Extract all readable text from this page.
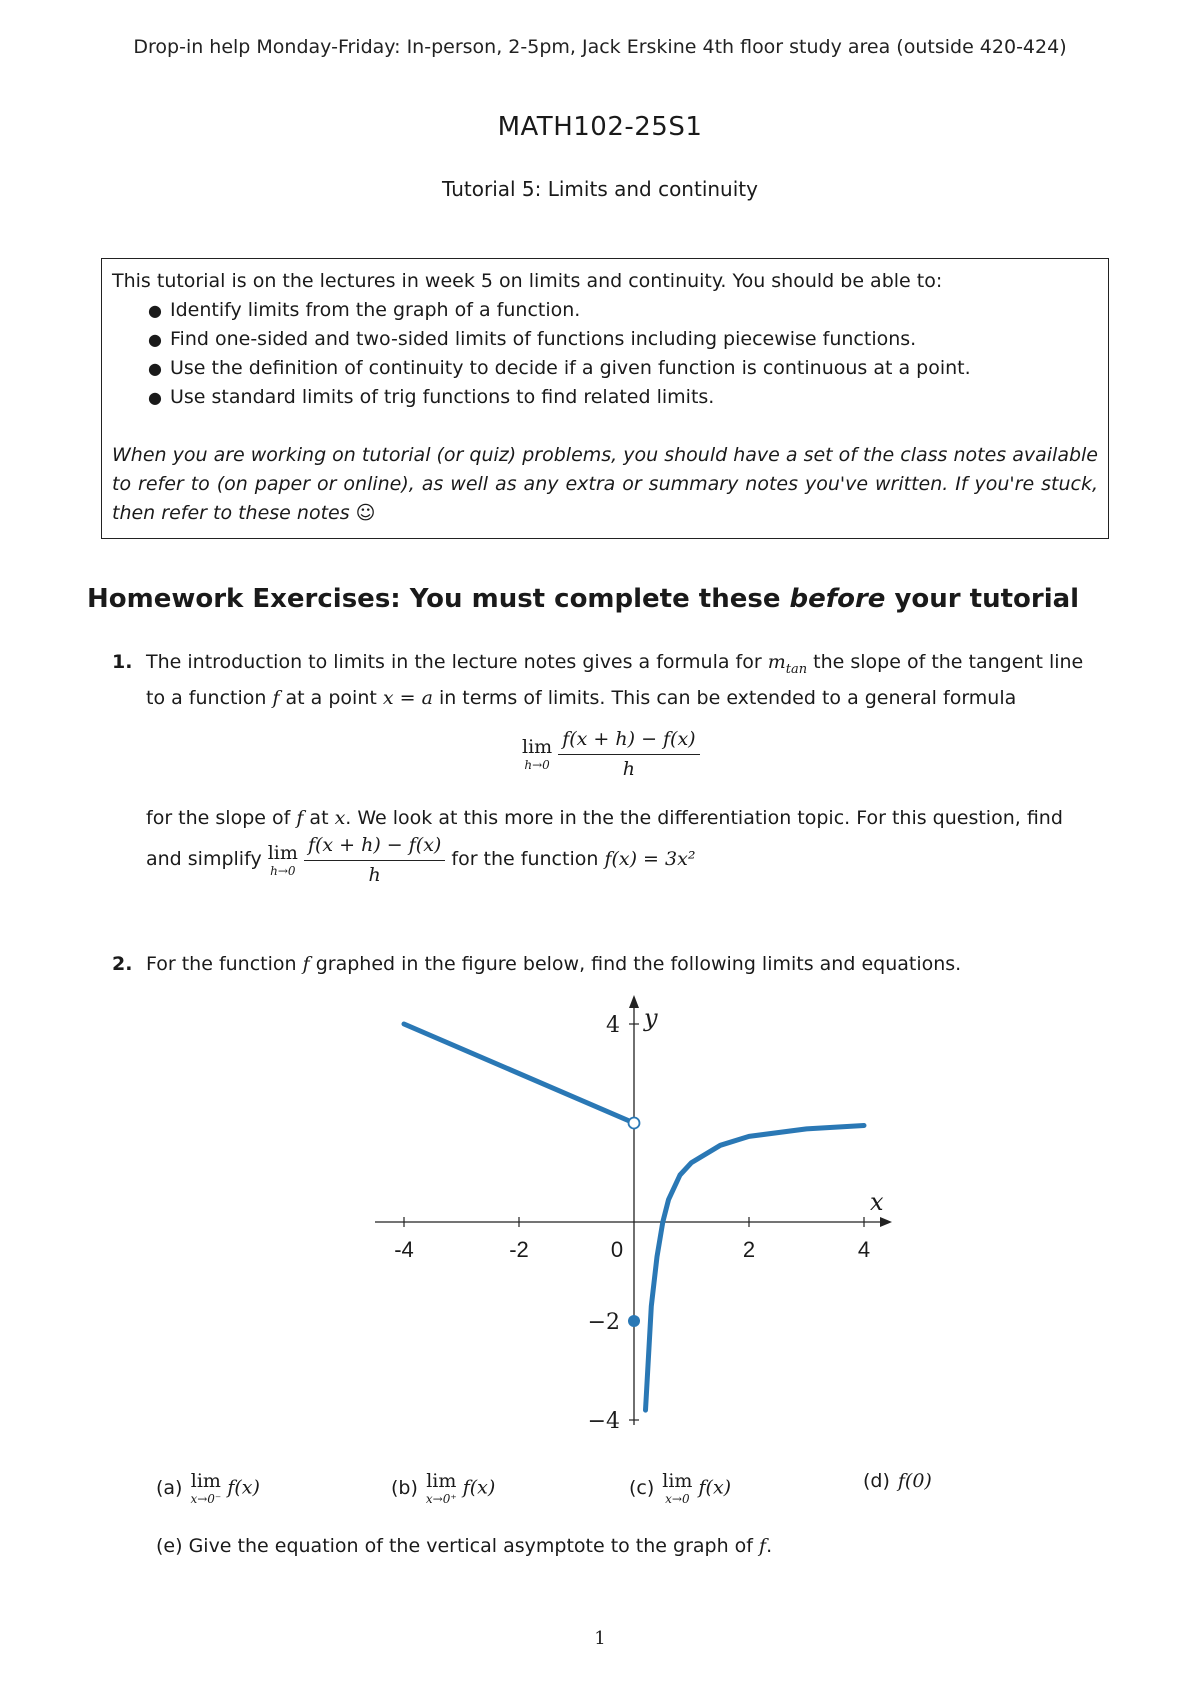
Drop-in help Monday-Friday: In-person, 2-5pm, Jack Erskine 4th floor study area (outside 420-424)
MATH102-25S1
Tutorial 5: Limits and continuity
This tutorial is on the lectures in week 5 on limits and continuity. You should be able to:
● Identify limits from the graph of a function.
● Find one-sided and two-sided limits of functions including piecewise functions.
● Use the definition of continuity to decide if a given function is continuous at a point.
● Use standard limits of trig functions to find related limits.
When you are working on tutorial (or quiz) problems, you should have a set of the class notes available to refer to (on paper or online), as well as any extra or summary notes you've written. If you're stuck, then refer to these notes ☺
Homework Exercises: You must complete these before your tutorial
1. The introduction to limits in the lecture notes gives a formula for $m_{tan}$ the slope of the tangent line
to a function f at a point x = a in terms of limits. This can be extended to a general formula
lim
h→0
$\frac{f(x + h) - f(x)}{h}$
for the slope of f at x. We look at this more in the the differentiation topic. For this question, find
and simplify lim
h→0
$\frac{f(x + h) - f(x)}{h}$ for the function f(x) = 3x²
2. For the function f graphed in the figure below, find the following limits and equations.
-4	-2	0	2	4
4
−2
−4
x
y
(a) lim
x→0⁻
f(x)	(b) lim
x→0⁺
f(x)	(c) lim
x→0
f(x)	(d) f(0)
(e) Give the equation of the vertical asymptote to the graph of f.
1
